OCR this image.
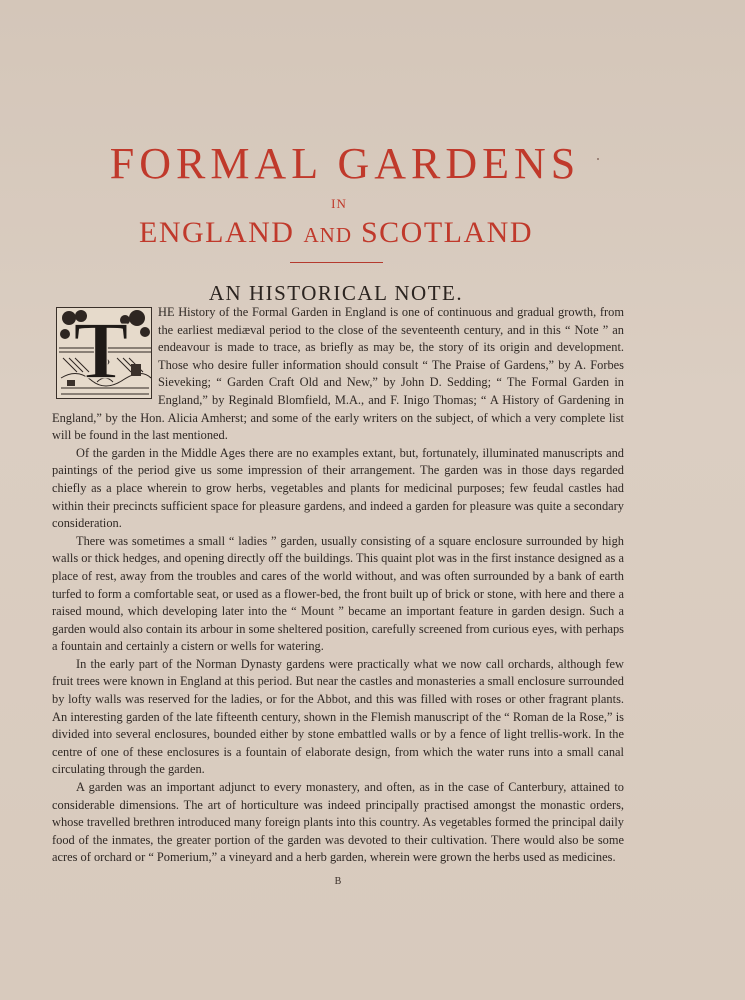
FORMAL GARDENS
IN
ENGLAND AND SCOTLAND
AN HISTORICAL NOTE.
T	HE History of the Formal Garden in England is one of continuous and gradual growth, from the earliest mediæval period to the close of the seventeenth century, and in this “ Note ” an endeavour is made to trace, as briefly as may be, the story of its origin and development. Those who desire fuller information should consult “ The Praise of Gardens,” by A. Forbes Sieveking; “ Garden Craft Old and New,” by John D. Sedding; “ The Formal Garden in England,” by Reginald Blomfield, M.A., and F. Inigo Thomas; “ A History of Gardening in England,” by the Hon. Alicia Amherst; and some of the early writers on the subject, of which a very complete list will be found in the last mentioned.

Of the garden in the Middle Ages there are no examples extant, but, fortunately, illuminated manuscripts and paintings of the period give us some impression of their arrangement. The garden was in those days regarded chiefly as a place wherein to grow herbs, vegetables and plants for medicinal purposes; few feudal castles had within their precincts sufficient space for pleasure gardens, and indeed a garden for pleasure was quite a secondary consideration.

There was sometimes a small “ ladies ” garden, usually consisting of a square enclosure surrounded by high walls or thick hedges, and opening directly off the buildings. This quaint plot was in the first instance designed as a place of rest, away from the troubles and cares of the world without, and was often surrounded by a bank of earth turfed to form a comfortable seat, or used as a flower-bed, the front built up of brick or stone, with here and there a raised mound, which developing later into the “ Mount ” became an important feature in garden design. Such a garden would also contain its arbour in some sheltered position, carefully screened from curious eyes, with perhaps a fountain and certainly a cistern or wells for watering.

In the early part of the Norman Dynasty gardens were practically what we now call orchards, although few fruit trees were known in England at this period. But near the castles and monasteries a small enclosure surrounded by lofty walls was reserved for the ladies, or for the Abbot, and this was filled with roses or other fragrant plants. An interesting garden of the late fifteenth century, shown in the Flemish manuscript of the “ Roman de la Rose,” is divided into several enclosures, bounded either by stone embattled walls or by a fence of light trellis-work. In the centre of one of these enclosures is a fountain of elaborate design, from which the water runs into a small canal circulating through the garden.

A garden was an important adjunct to every monastery, and often, as in the case of Canterbury, attained to considerable dimensions. The art of horticulture was indeed principally practised amongst the monastic orders, whose travelled brethren introduced many foreign plants into this country. As vegetables formed the principal daily food of the inmates, the greater portion of the garden was devoted to their cultivation. There would also be some acres of orchard or “ Pomerium,” a vineyard and a herb garden, wherein were grown the herbs used as medicines.

B
